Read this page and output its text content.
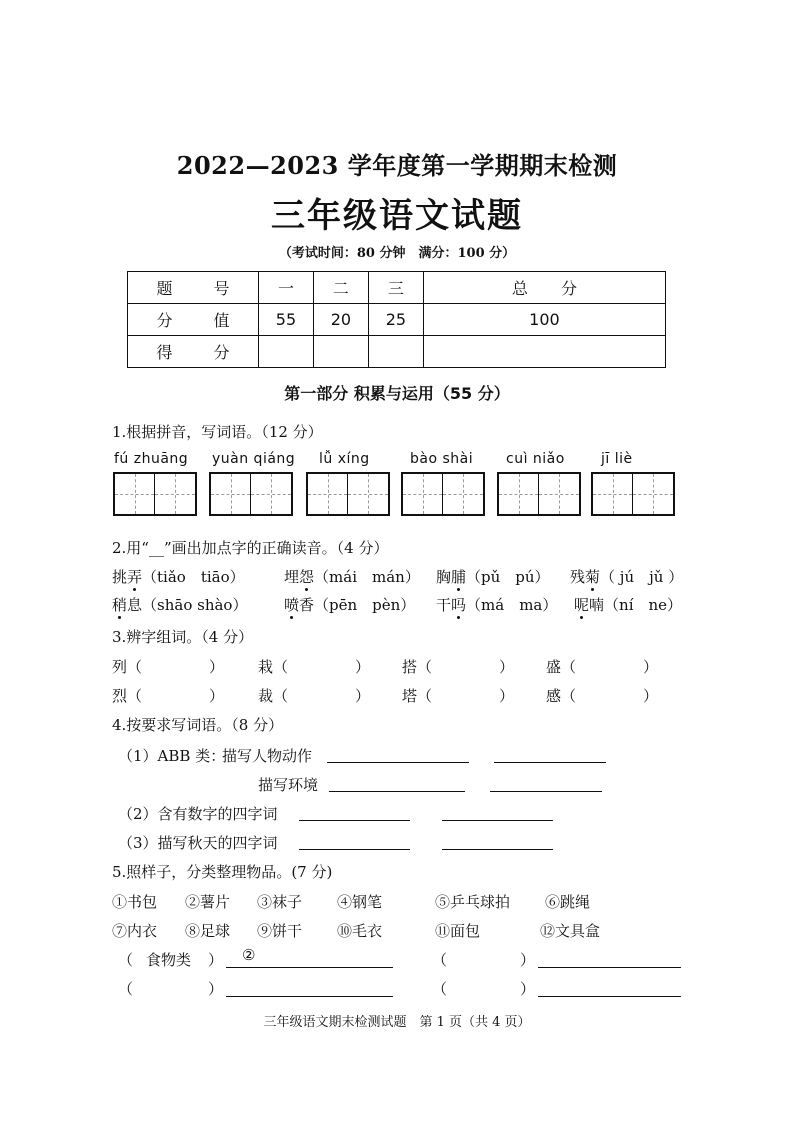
2022—2023 学年度第一学期期末检测
三年级语文试题
（考试时间：80 分钟　满分：100 分）
题 号	一	二	三	总 分
分 值	55	20	25	100
得 分				
第一部分 积累与运用（55 分）
1.根据拼音，写词语。（12 分）
fú zhuāng yuàn qiáng lǚ xíng	bào shài cuì niǎo	jī liè
2.用“__”画出加点字的正确读音。（4 分）
挑弄（tiǎo　tiāo）	埋怨（mái　mán） 胸脯（pǔ　pú） 残菊（ jú　jǔ ）
稍息（shāo shào） 喷香（pēn　pèn） 干吗（má　ma） 呢喃（ní　ne）
3.辨字组词。（4 分）
列（	） 栽（	） 搭（	） 盛（	）
烈（	） 裁（	） 塔（	） 感（	）
4.按要求写词语。（8 分）
（1）ABB 类：
描写人物动作
描写环境
（2）含有数字的四字词
（3）描写秋天的四字词
5.照样子，分类整理物品。(7 分)
①书包 ②薯片 ③袜子 ④钢笔	⑤乒乓球拍 ⑥跳绳
⑦内衣 ⑧足球 ⑨饼干 ⑩毛衣	⑪面包	⑫文具盒
（ 食物类 ） ②	（	）
（	）	（	）
三年级语文期末检测试题　第 1 页（共 4 页）
